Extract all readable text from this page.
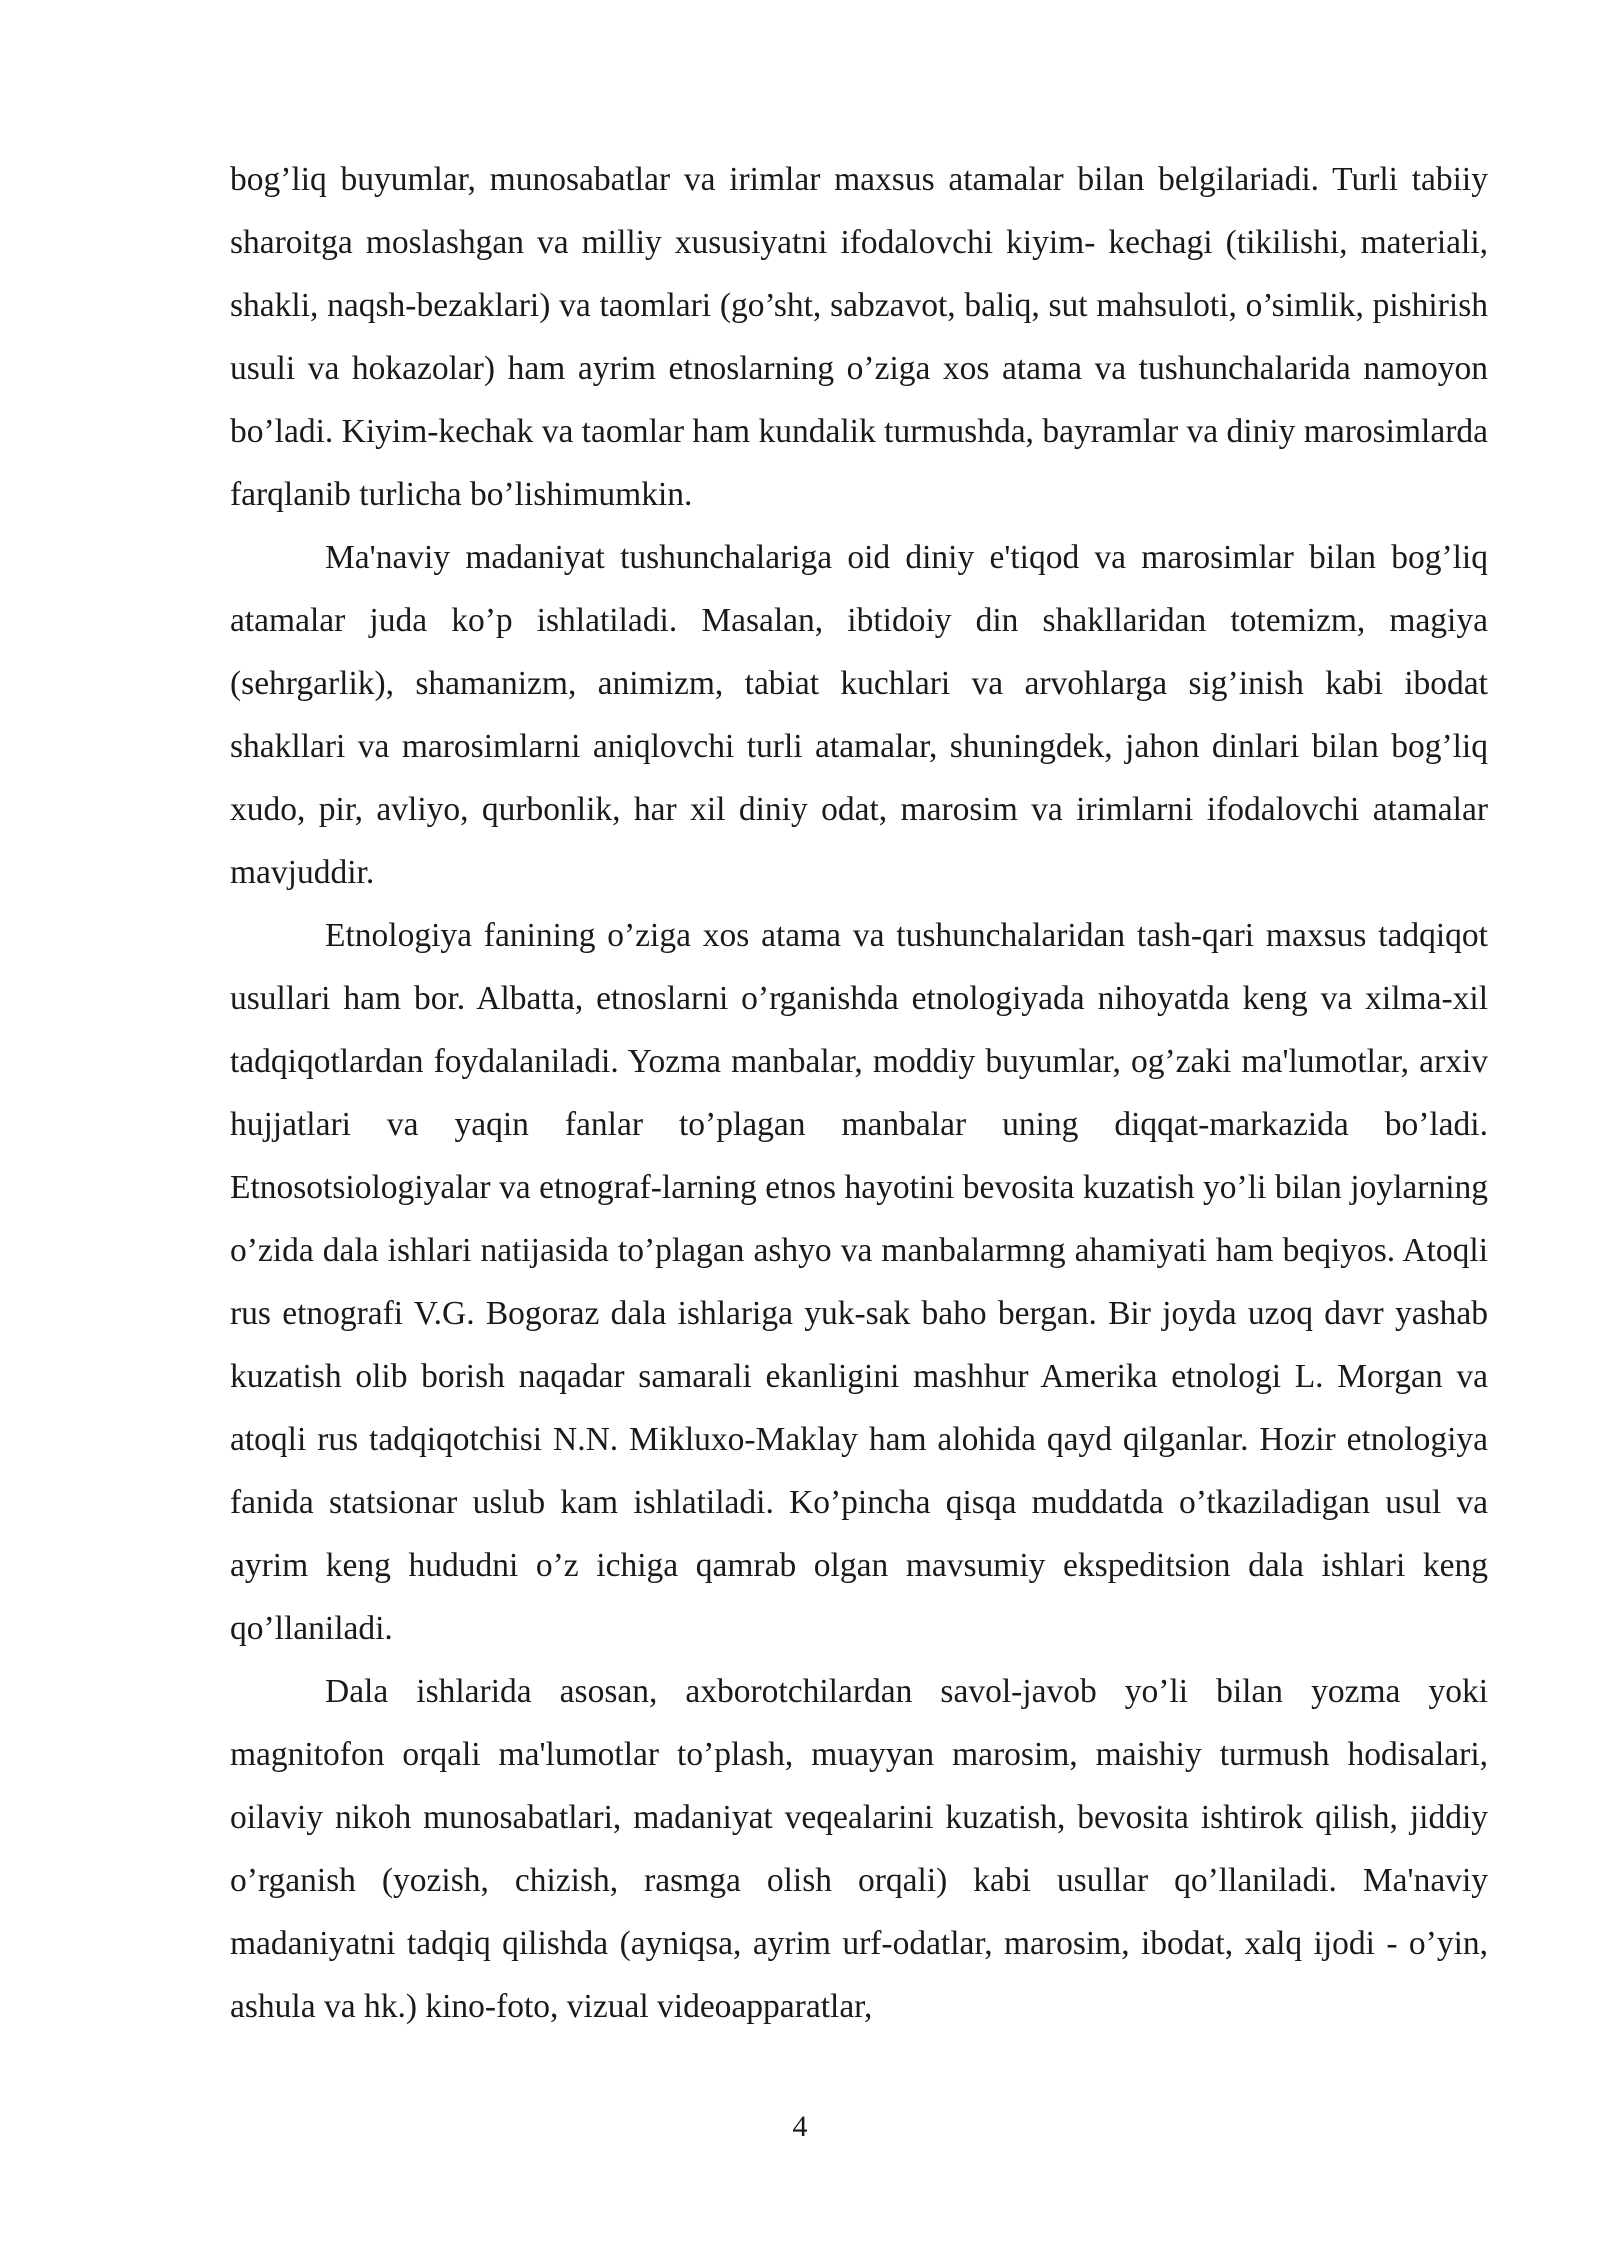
bog’liq buyumlar, munosabatlar va irimlar maxsus atamalar bilan belgilariadi. Turli tabiiy sharoitga moslashgan va milliy xususiyatni ifodalovchi kiyim- kechagi (tikilishi, materiali, shakli, naqsh-bezaklari) va taomlari (go’sht, sabzavot, baliq, sut mahsuloti, o’simlik, pishirish usuli va hokazolar) ham ayrim etnoslarning o’ziga xos atama va tushunchalarida namoyon bo’ladi. Kiyim-kechak va taomlar ham kundalik turmushda, bayramlar va diniy marosimlarda farqlanib turlicha bo’lishimumkin.

Ma'naviy madaniyat tushunchalariga oid diniy e'tiqod va marosimlar bilan bog’liq atamalar juda ko’p ishlatiladi. Masalan, ibtidoiy din shakllaridan totemizm, magiya (sehrgarlik), shamanizm, animizm, tabiat kuchlari va arvohlarga sig’inish kabi ibodat shakllari va marosimlarni aniqlovchi turli atamalar, shuningdek, jahon dinlari bilan bog’liq xudo, pir, avliyo, qurbonlik, har xil diniy odat, marosim va irimlarni ifodalovchi atamalar mavjuddir.

Etnologiya fanining o’ziga xos atama va tushunchalaridan tash-qari maxsus tadqiqot usullari ham bor. Albatta, etnoslarni o’rganishda etnologiyada nihoyatda keng va xilma-xil tadqiqotlardan foydalaniladi. Yozma manbalar, moddiy buyumlar, og’zaki ma'lumotlar, arxiv hujjatlari va yaqin fanlar to’plagan manbalar uning diqqat-markazida bo’ladi. Etnosotsiologiyalar va etnograf-larning etnos hayotini bevosita kuzatish yo’li bilan joylarning o’zida dala ishlari natijasida to’plagan ashyo va manbalarmng ahamiyati ham beqiyos. Atoqli rus etnografi V.G. Bogoraz dala ishlariga yuk-sak baho bergan. Bir joyda uzoq davr yashab kuzatish olib borish naqadar samarali ekanligini mashhur Amerika etnologi L. Morgan va atoqli rus tadqiqotchisi N.N. Mikluxo-Maklay ham alohida qayd qilganlar. Hozir etnologiya fanida statsionar uslub kam ishlatiladi. Ko’pincha qisqa muddatda o’tkaziladigan usul va ayrim keng hududni o’z ichiga qamrab olgan mavsumiy ekspeditsion dala ishlari keng qo’llaniladi.

Dala ishlarida asosan, axborotchilardan savol-javob yo’li bilan yozma yoki magnitofon orqali ma'lumotlar to’plash, muayyan marosim, maishiy turmush hodisalari, oilaviy nikoh munosabatlari, madaniyat veqealarini kuzatish, bevosita ishtirok qilish, jiddiy o’rganish (yozish, chizish, rasmga olish orqali) kabi usullar qo’llaniladi. Ma'naviy madaniyatni tadqiq qilishda (ayniqsa, ayrim urf-odatlar, marosim, ibodat, xalq ijodi - o’yin, ashula va hk.) kino-foto, vizual videoapparatlar,

4
